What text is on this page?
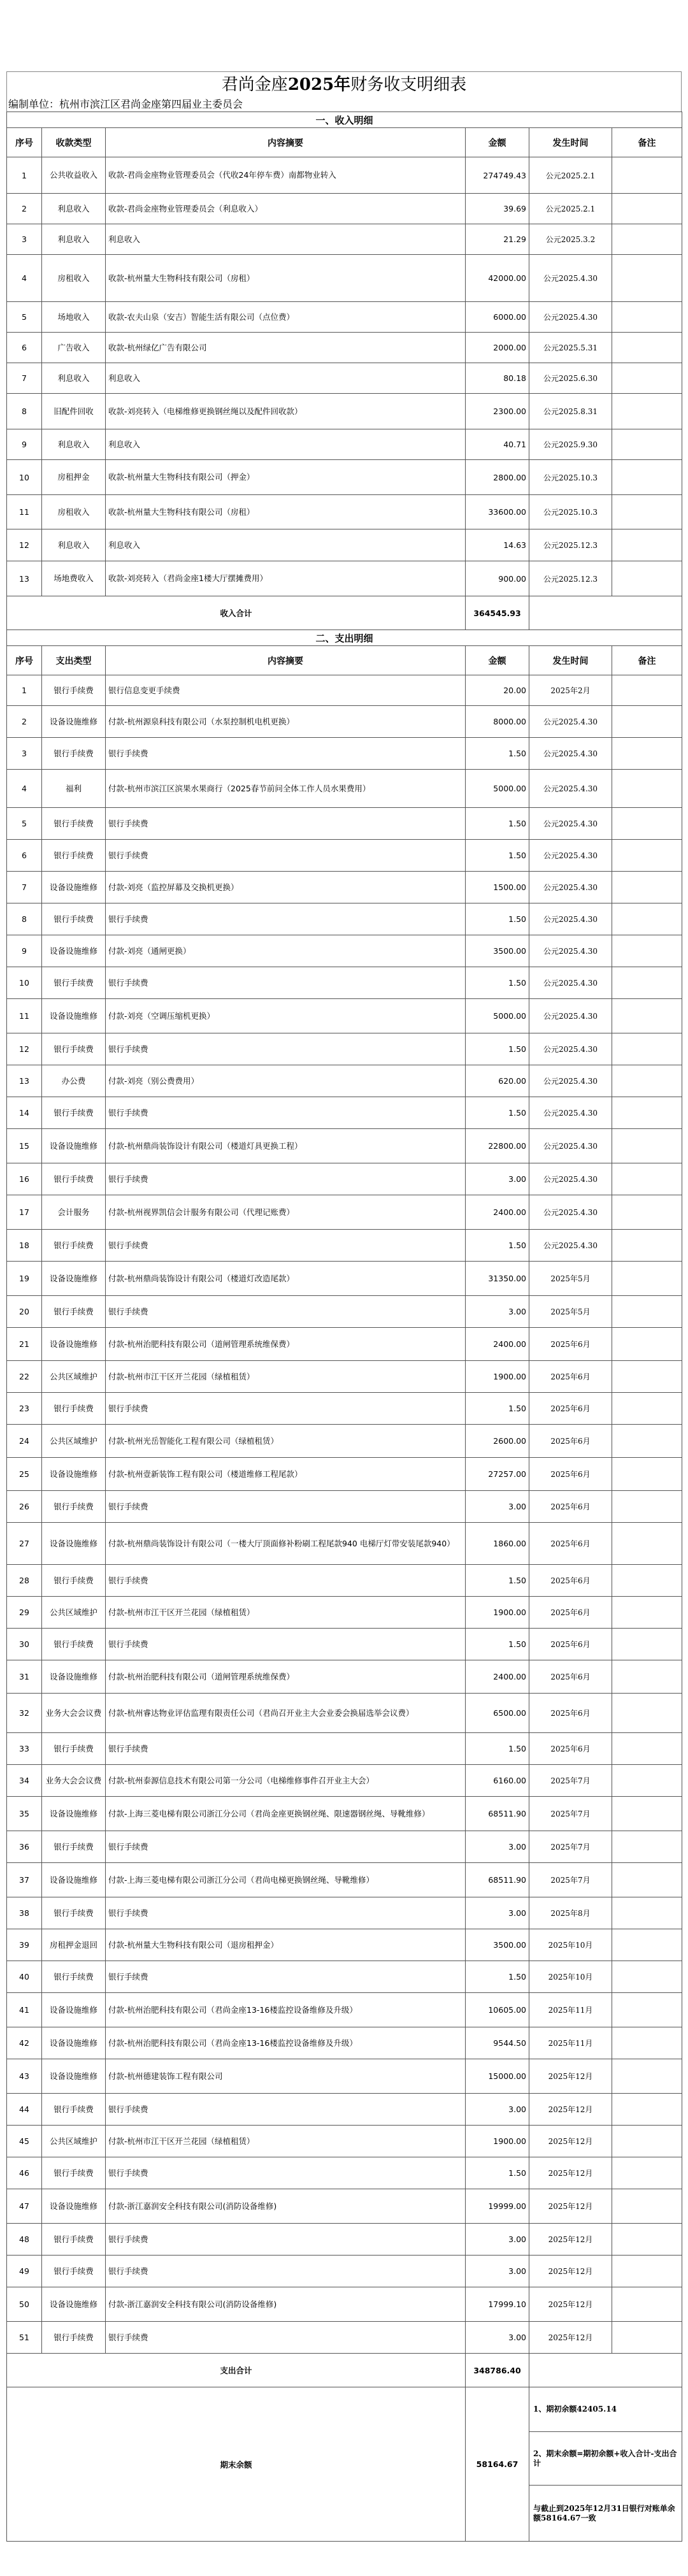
君尚金座2025年财务收支明细表
编制单位：杭州市滨江区君尚金座第四届业主委员会
一、收入明细					
序号	收款类型	内容摘要	金额	发生时间	备注
1	公共收益收入	收款-君尚金座物业管理委员会（代收24年停车费）南都物业转入	274749.43	公元2025.2.1	
2	利息收入	收款-君尚金座物业管理委员会（利息收入）	39.69	公元2025.2.1	
3	利息收入	利息收入	21.29	公元2025.3.2	
4	房租收入	收款-杭州量大生物科技有限公司（房租）	42000.00	公元2025.4.30	
5	场地收入	收款-农夫山泉（安吉）智能生活有限公司（点位费）	6000.00	公元2025.4.30	
6	广告收入	收款-杭州绿亿广告有限公司	2000.00	公元2025.5.31	
7	利息收入	利息收入	80.18	公元2025.6.30	
8	旧配件回收	收款-刘亮转入（电梯维修更换钢丝绳以及配件回收款）	2300.00	公元2025.8.31	
9	利息收入	利息收入	40.71	公元2025.9.30	
10	房租押金	收款-杭州量大生物科技有限公司（押金）	2800.00	公元2025.10.3	
11	房租收入	收款-杭州量大生物科技有限公司（房租）	33600.00	公元2025.10.3	
12	利息收入	利息收入	14.63	公元2025.12.3	
13	场地费收入	收款-刘亮转入（君尚金座1楼大厅摆摊费用）	900.00	公元2025.12.3	
收入合计			364545.93		
二、支出明细					
序号	支出类型	内容摘要	金额	发生时间	备注
1	银行手续费	银行信息变更手续费	20.00	2025年2月	
2	设备设施维修	付款-杭州源泉科技有限公司（水泵控制机电机更换）	8000.00	公元2025.4.30	
3	银行手续费	银行手续费	1.50	公元2025.4.30	
4	福利	付款-杭州市滨江区滨果水果商行（2025春节前问全体工作人员水果费用）	5000.00	公元2025.4.30	
5	银行手续费	银行手续费	1.50	公元2025.4.30	
6	银行手续费	银行手续费	1.50	公元2025.4.30	
7	设备设施维修	付款-刘亮（监控屏幕及交换机更换）	1500.00	公元2025.4.30	
8	银行手续费	银行手续费	1.50	公元2025.4.30	
9	设备设施维修	付款-刘亮（通闸更换）	3500.00	公元2025.4.30	
10	银行手续费	银行手续费	1.50	公元2025.4.30	
11	设备设施维修	付款-刘亮（空调压缩机更换）	5000.00	公元2025.4.30	
12	银行手续费	银行手续费	1.50	公元2025.4.30	
13	办公费	付款-刘亮（别公费费用）	620.00	公元2025.4.30	
14	银行手续费	银行手续费	1.50	公元2025.4.30	
15	设备设施维修	付款-杭州鼎尚装饰设计有限公司（楼道灯具更换工程）	22800.00	公元2025.4.30	
16	银行手续费	银行手续费	3.00	公元2025.4.30	
17	会计服务	付款-杭州视界凯信会计服务有限公司（代理记账费）	2400.00	公元2025.4.30	
18	银行手续费	银行手续费	1.50	公元2025.4.30	
19	设备设施维修	付款-杭州鼎尚装饰设计有限公司（楼道灯改造尾款）	31350.00	2025年5月	
20	银行手续费	银行手续费	3.00	2025年5月	
21	设备设施维修	付款-杭州治肥科技有限公司（道闸管理系统维保费）	2400.00	2025年6月	
22	公共区域维护	付款-杭州市江干区开兰花园（绿植租赁）	1900.00	2025年6月	
23	银行手续费	银行手续费	1.50	2025年6月	
24	公共区域维护	付款-杭州光岳智能化工程有限公司（绿植租赁）	2600.00	2025年6月	
25	设备设施维修	付款-杭州壹新装饰工程有限公司（楼道维修工程尾款）	27257.00	2025年6月	
26	银行手续费	银行手续费	3.00	2025年6月	
27	设备设施维修	付款-杭州鼎尚装饰设计有限公司（一楼大厅顶面修补粉刷工程尾款940 电梯厅灯带安装尾款940）	1860.00	2025年6月	
28	银行手续费	银行手续费	1.50	2025年6月	
29	公共区域维护	付款-杭州市江干区开兰花园（绿植租赁）	1900.00	2025年6月	
30	银行手续费	银行手续费	1.50	2025年6月	
31	设备设施维修	付款-杭州治肥科技有限公司（道闸管理系统维保费）	2400.00	2025年6月	
32	业务大会会议费	付款-杭州睿达物业评估监理有限责任公司（君尚召开业主大会业委会换届选举会议费）	6500.00	2025年6月	
33	银行手续费	银行手续费	1.50	2025年6月	
34	业务大会会议费	付款-杭州泰源信息技术有限公司第一分公司（电梯维修事件召开业主大会）	6160.00	2025年7月	
35	设备设施维修	付款-上海三菱电梯有限公司浙江分公司（君尚金座更换钢丝绳、限速器钢丝绳、导靴维修）	68511.90	2025年7月	
36	银行手续费	银行手续费	3.00	2025年7月	
37	设备设施维修	付款-上海三菱电梯有限公司浙江分公司（君尚电梯更换钢丝绳、导靴维修）	68511.90	2025年7月	
38	银行手续费	银行手续费	3.00	2025年8月	
39	房租押金退回	付款-杭州量大生物科技有限公司（退房租押金）	3500.00	2025年10月	
40	银行手续费	银行手续费	1.50	2025年10月	
41	设备设施维修	付款-杭州治肥科技有限公司（君尚金座13-16楼监控设备维修及升级）	10605.00	2025年11月	
42	设备设施维修	付款-杭州治肥科技有限公司（君尚金座13-16楼监控设备维修及升级）	9544.50	2025年11月	
43	设备设施维修	付款-杭州德建装饰工程有限公司	15000.00	2025年12月	
44	银行手续费	银行手续费	3.00	2025年12月	
45	公共区域维护	付款-杭州市江干区开兰花园（绿植租赁）	1900.00	2025年12月	
46	银行手续费	银行手续费	1.50	2025年12月	
47	设备设施维修	付款-浙江嘉润安全科技有限公司(消防设备维修)	19999.00	2025年12月	
48	银行手续费	银行手续费	3.00	2025年12月	
49	银行手续费	银行手续费	3.00	2025年12月	
50	设备设施维修	付款-浙江嘉润安全科技有限公司(消防设备维修)	17999.10	2025年12月	
51	银行手续费	银行手续费	3.00	2025年12月	
支出合计			348786.40		
期末余额			58164.67	1、期初余额42405.14	
				2、期末余额=期初余额+收入合计-支出合计	
				与截止到2025年12月31日银行对账单余额58164.67一致	
